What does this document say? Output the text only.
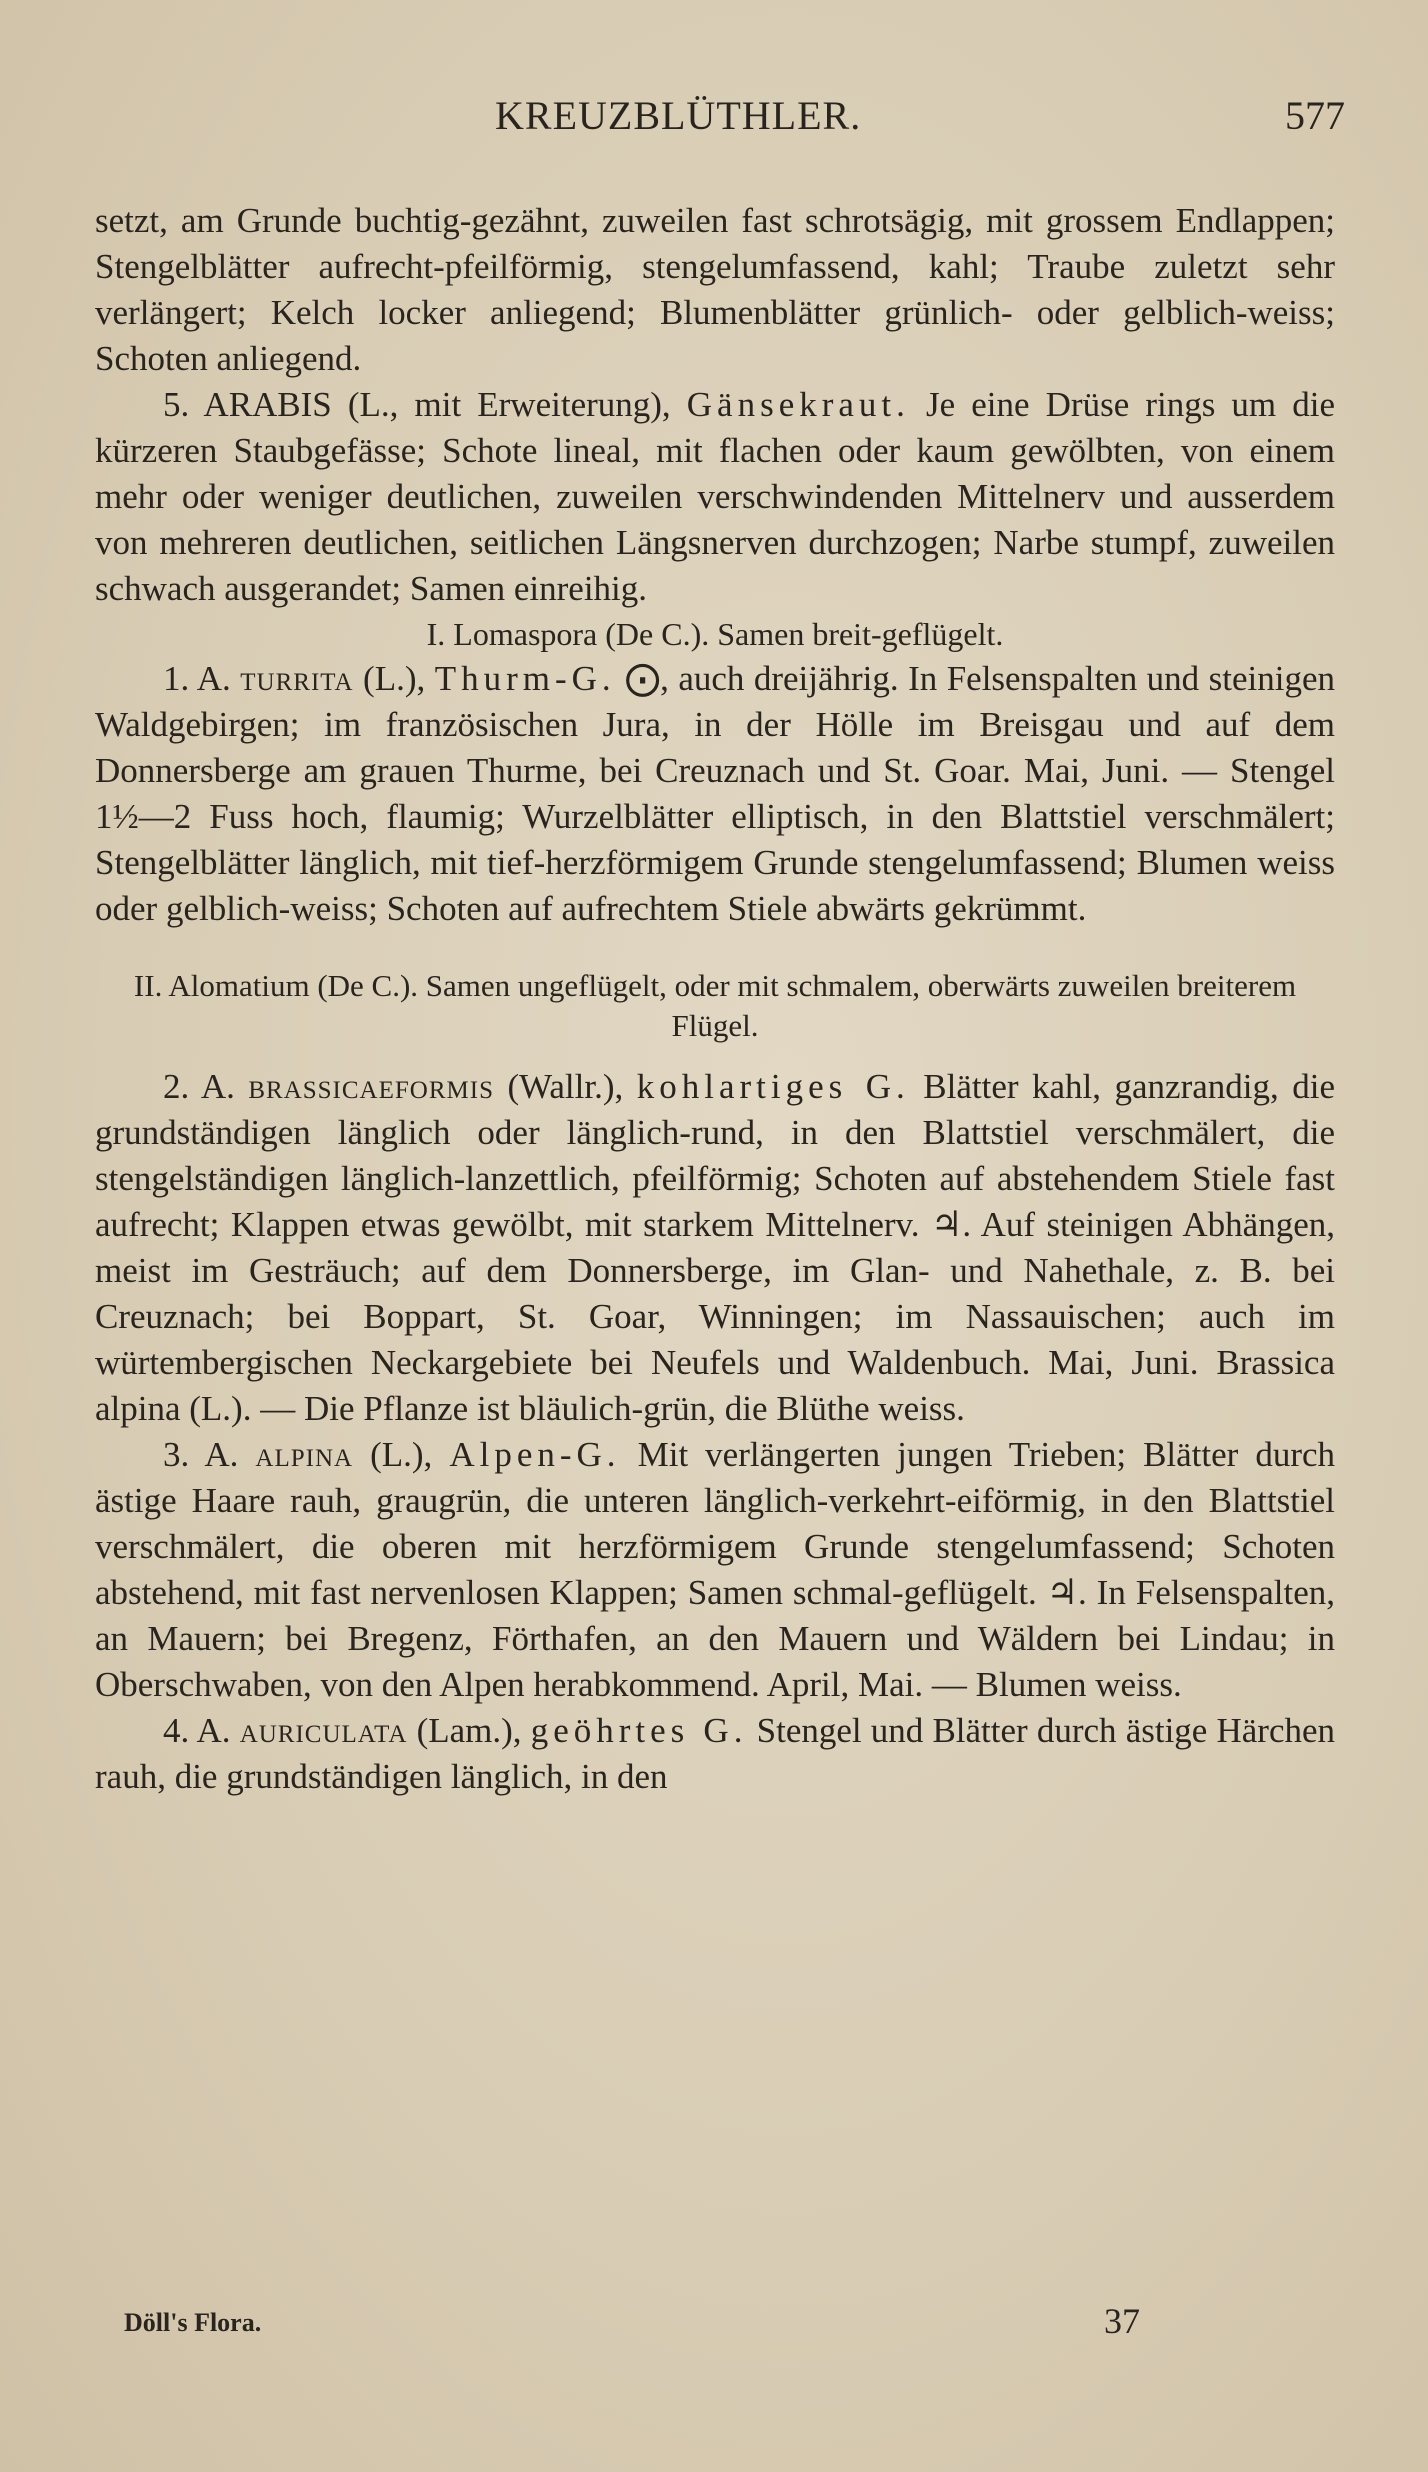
KREUZBLÜTHLER.	577

setzt, am Grunde buchtig-gezähnt, zuweilen fast schrotsägig, mit grossem Endlappen; Stengelblätter aufrecht-pfeilförmig, stengelumfassend, kahl; Traube zuletzt sehr verlängert; Kelch locker anliegend; Blumenblätter grünlich- oder gelblich-weiss; Schoten anliegend.

5. ARABIS (L., mit Erweiterung), Gänsekraut. Je eine Drüse rings um die kürzeren Staubgefässe; Schote lineal, mit flachen oder kaum gewölbten, von einem mehr oder weniger deutlichen, zuweilen verschwindenden Mittelnerv und ausserdem von mehreren deutlichen, seitlichen Längsnerven durchzogen; Narbe stumpf, zuweilen schwach ausgerandet; Samen einreihig.

I. Lomaspora (De C.). Samen breit-geflügelt.

1. A. turrita (L.), Thurm-G. ⨀, auch dreijährig. In Felsenspalten und steinigen Waldgebirgen; im französischen Jura, in der Hölle im Breisgau und auf dem Donnersberge am grauen Thurme, bei Creuznach und St. Goar. Mai, Juni. — Stengel 1½—2 Fuss hoch, flaumig; Wurzelblätter elliptisch, in den Blattstiel verschmälert; Stengelblätter länglich, mit tief-herzförmigem Grunde stengelumfassend; Blumen weiss oder gelblich-weiss; Schoten auf aufrechtem Stiele abwärts gekrümmt.

II. Alomatium (De C.). Samen ungeflügelt, oder mit schmalem, oberwärts zuweilen breiterem Flügel.

2. A. brassicaeformis (Wallr.), kohlartiges G. Blätter kahl, ganzrandig, die grundständigen länglich oder länglich-rund, in den Blattstiel verschmälert, die stengelständigen länglich-lanzettlich, pfeilförmig; Schoten auf abstehendem Stiele fast aufrecht; Klappen etwas gewölbt, mit starkem Mittelnerv. ♃. Auf steinigen Abhängen, meist im Gesträuch; auf dem Donnersberge, im Glan- und Nahethale, z. B. bei Creuznach; bei Boppart, St. Goar, Winningen; im Nassauischen; auch im würtembergischen Neckargebiete bei Neufels und Waldenbuch. Mai, Juni. Brassica alpina (L.). — Die Pflanze ist bläulich-grün, die Blüthe weiss.

3. A. alpina (L.), Alpen-G. Mit verlängerten jungen Trieben; Blätter durch ästige Haare rauh, graugrün, die unteren länglich-verkehrt-eiförmig, in den Blattstiel verschmälert, die oberen mit herzförmigem Grunde stengelumfassend; Schoten abstehend, mit fast nervenlosen Klappen; Samen schmal-geflügelt. ♃. In Felsenspalten, an Mauern; bei Bregenz, Förthafen, an den Mauern und Wäldern bei Lindau; in Oberschwaben, von den Alpen herabkommend. April, Mai. — Blumen weiss.

4. A. auriculata (Lam.), geöhrtes G. Stengel und Blätter durch ästige Härchen rauh, die grundständigen länglich, in den

Döll's Flora.	37
